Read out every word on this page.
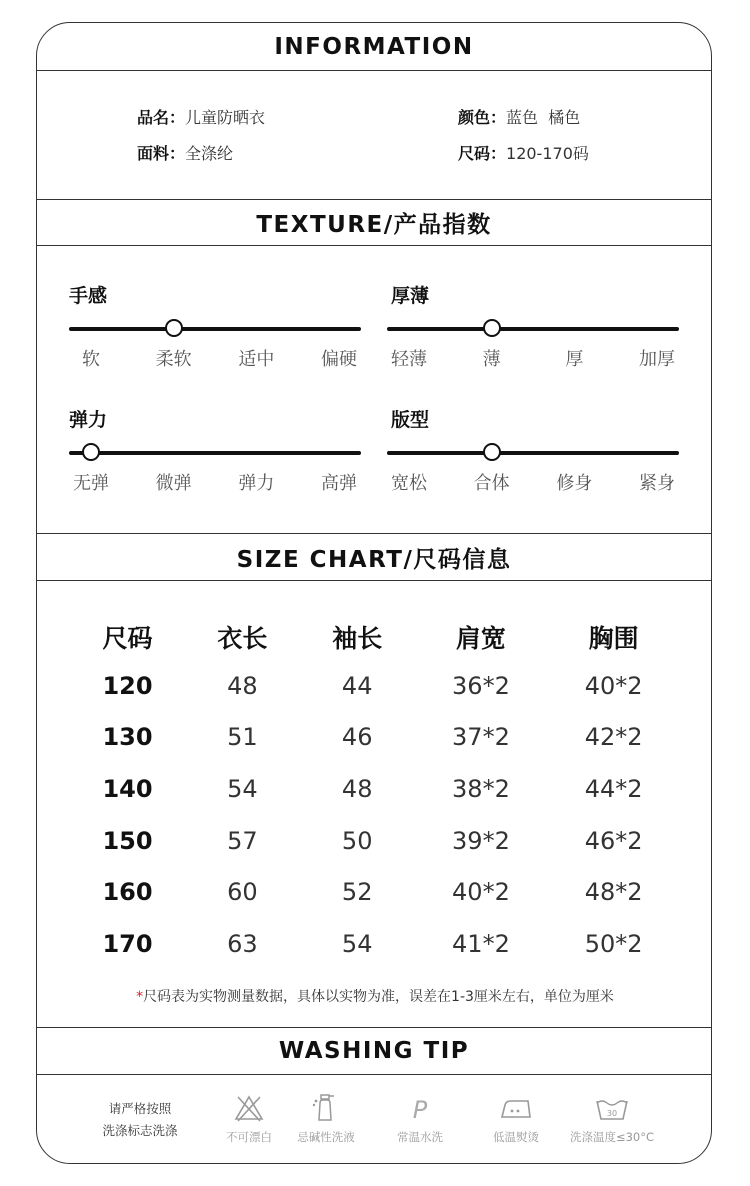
INFORMATION
品名：儿童防晒衣	颜色：蓝色  橘色
面料：全涤纶	尺码：120-170码
TEXTURE/产品指数
手感
软	柔软	适中	偏硬
厚薄
轻薄	薄	厚	加厚
弹力
无弹	微弹	弹力	高弹
版型
宽松	合体	修身	紧身
SIZE CHART/尺码信息
WASHING TIP
尺码	衣长	袖长	肩宽	胸围
120	48	44	36*2	40*2
130	51	46	37*2	42*2
140	54	48	38*2	44*2
150	57	50	39*2	46*2
160	60	52	40*2	48*2
170	63	54	41*2	50*2
*尺码表为实物测量数据，具体以实物为准，误差在1-3厘米左右，单位为厘米
请严格按照
洗涤标志洗涤	不可漂白	忌碱性洗液
P
常温水洗	低温熨烫
30
洗涤温度≤30°C
